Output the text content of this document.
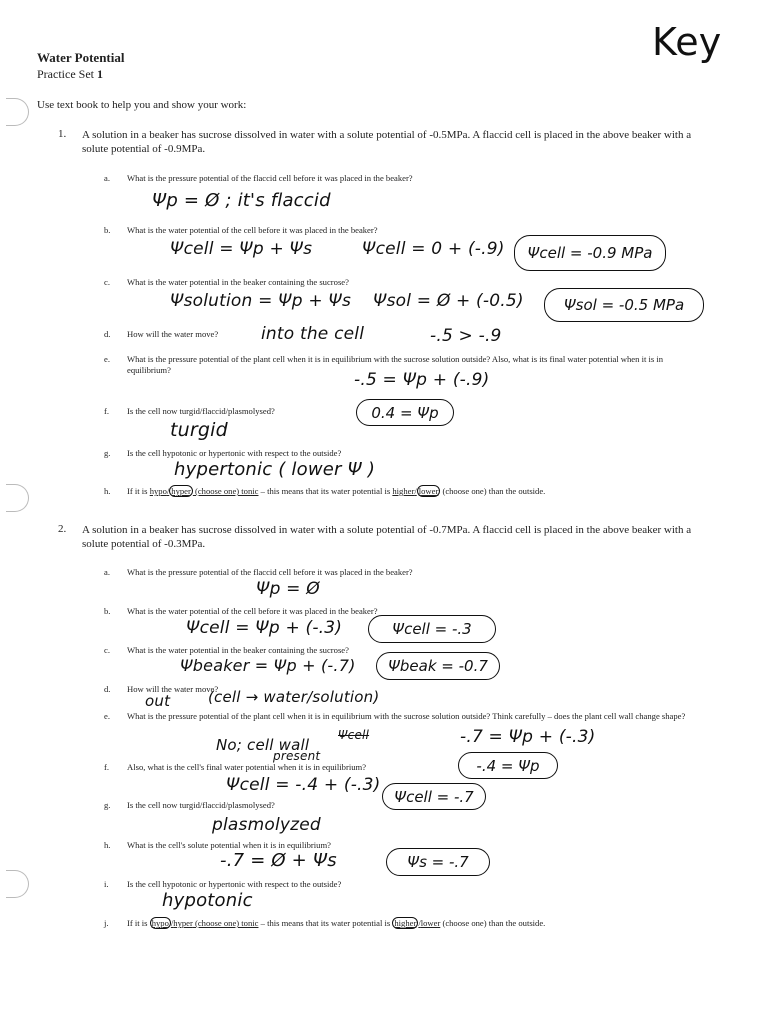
Water Potential
Practice Set 1
Key
Use text book to help you and show your work:
1. A solution in a beaker has sucrose dissolved in water with a solute potential of -0.5MPa. A flaccid cell is placed in the above beaker with a solute potential of -0.9MPa.
a. What is the pressure potential of the flaccid cell before it was placed in the beaker?
Ψp = Ø ; it's flaccid
b. What is the water potential of the cell before it was placed in the beaker?
Ψcell = Ψp + Ψs	Ψcell = 0 + (-.9)	Ψcell = -0.9 MPa
c. What is the water potential in the beaker containing the sucrose?
Ψsolution = Ψp + Ψs Ψsol = Ø + (-0.5)	Ψsol = -0.5 MPa
d. How will the water move?	into the cell	-.5 > -.9
e. What is the pressure potential of the plant cell when it is in equilibrium with the sucrose solution outside? Also, what is its final water potential when it is in equilibrium?	-.5 = Ψp + (-.9)
f. Is the cell now turgid/flaccid/plasmolysed?	0.4 = Ψp
turgid
g. Is the cell hypotonic or hypertonic with respect to the outside?
hypertonic ( lower Ψ )
h. If it is hypo/ hyper (choose one) tonic – this means that its water potential is higher/ lower (choose one) than the outside.
2. A solution in a beaker has sucrose dissolved in water with a solute potential of -0.7MPa. A flaccid cell is placed in the above beaker with a solute potential of -0.3MPa.
a. What is the pressure potential of the flaccid cell before it was placed in the beaker?
Ψp = Ø
b. What is the water potential of the cell before it was placed in the beaker?
Ψcell = Ψp + (-.3)	Ψcell = -.3
c. What is the water potential in the beaker containing the sucrose?
Ψbeaker = Ψp + (-.7)	Ψbeak = -0.7
d. How will the water move?
out	(cell → water/solution)
e. What is the pressure potential of the plant cell when it is in equilibrium with the sucrose solution outside? Think carefully – does the plant cell wall change shape?
No; cell wall
present
Ψcell	-.7 = Ψp + (-.3)
f. Also, what is the cell's final water potential when it is in equilibrium?	-.4 = Ψp
Ψcell = -.4 + (-.3)
Ψcell = -.7
g. Is the cell now turgid/flaccid/plasmolysed?
plasmolyzed
h. What is the cell's solute potential when it is in equilibrium?
-.7 = Ø + Ψs	Ψs = -.7
i. Is the cell hypotonic or hypertonic with respect to the outside?
hypotonic
j. If it is hypo /hyper (choose one) tonic – this means that its water potential is higher /lower (choose one) than the outside.
